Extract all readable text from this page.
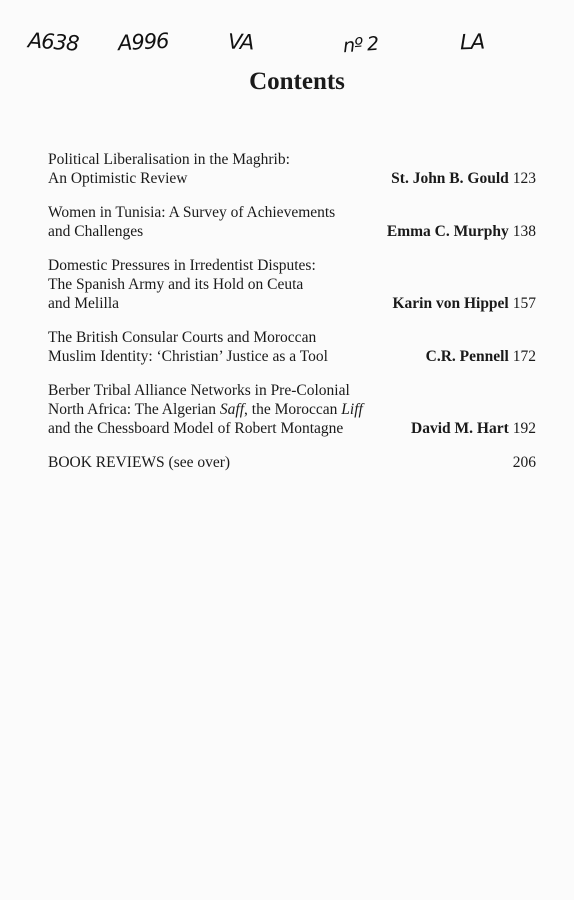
A638 A996	VA	nº 2	LA
Contents
Political Liberalisation in the Maghrib:
An Optimistic Review	St. John B. Gould 123
Women in Tunisia: A Survey of Achievements
and Challenges	Emma C. Murphy 138
Domestic Pressures in Irredentist Disputes:
The Spanish Army and its Hold on Ceuta
and Melilla	Karin von Hippel 157
The British Consular Courts and Moroccan
Muslim Identity: ‘Christian’ Justice as a Tool	C.R. Pennell 172
Berber Tribal Alliance Networks in Pre-Colonial
North Africa: The Algerian Saff, the Moroccan Liff
and the Chessboard Model of Robert Montagne	David M. Hart 192
BOOK REVIEWS (see over)	206
